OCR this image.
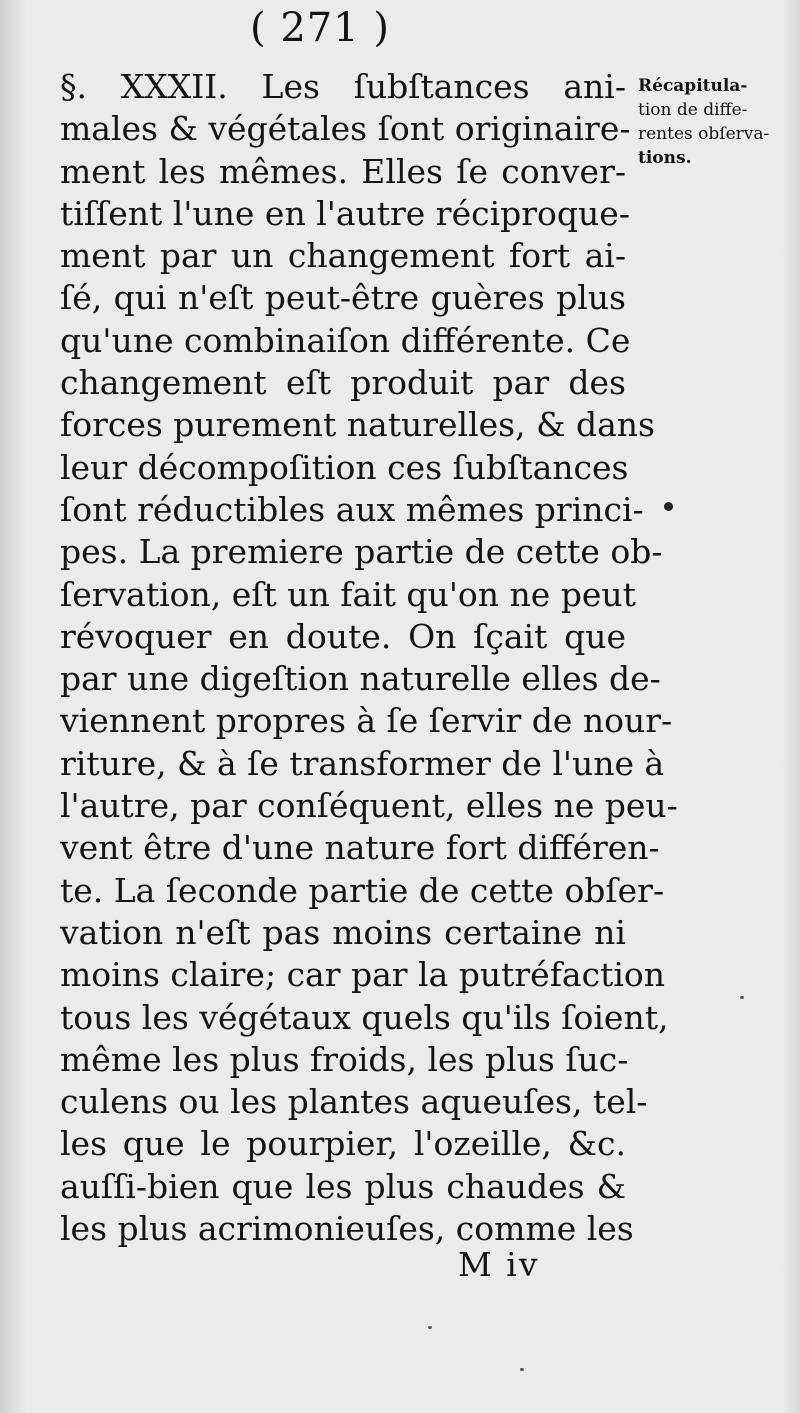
( 271 )
§. XXXII. Les ſubſtances ani-
males & végétales ſont originaire-
ment les mêmes. Elles ſe conver-
tiſſent l'une en l'autre réciproque-
ment par un changement fort ai-
ſé, qui n'eſt peut-être guères plus
qu'une combinaiſon différente. Ce
changement eſt produit par des
forces purement naturelles, & dans
leur décompoſition ces ſubſtances
ſont réductibles aux mêmes princi-
pes. La premiere partie de cette ob-
ſervation, eſt un fait qu'on ne peut
révoquer en doute. On ſçait que
par une digeſtion naturelle elles de-
viennent propres à ſe ſervir de nour-
riture, & à ſe transformer de l'une à
l'autre, par conſéquent, elles ne peu-
vent être d'une nature fort différen-
te. La ſeconde partie de cette obſer-
vation n'eſt pas moins certaine ni
moins claire; car par la putréfaction
tous les végétaux quels qu'ils ſoient,
même les plus froids, les plus ſuc-
culens ou les plantes aqueuſes, tel-
les que le pourpier, l'ozeille, &c.
auſſi-bien que les plus chaudes &
les plus acrimonieuſes, comme les
Récapitula-
tion de diffe-
rentes obſerva-
tions.
M iv
